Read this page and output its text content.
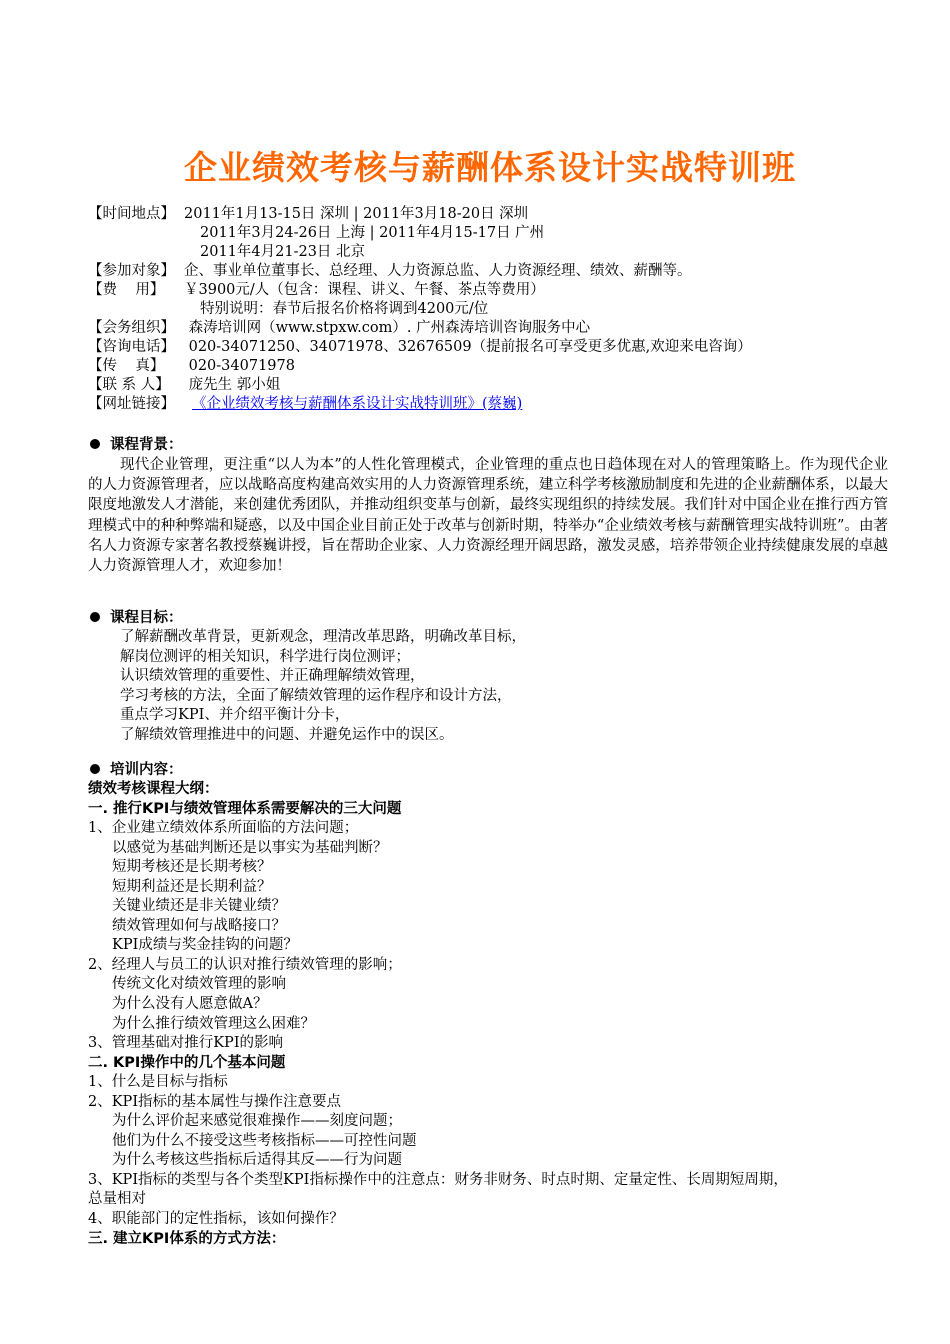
企业绩效考核与薪酬体系设计实战特训班
【时间地点】 2011年1月13-15日 深圳 | 2011年3月18-20日 深圳
2011年3月24-26日 上海 | 2011年4月15-17日 广州
2011年4月21-23日 北京
【参加对象】 企、事业单位董事长、总经理、人力资源总监、人力资源经理、绩效、薪酬等。
【费    用】	￥3900元/人（包含：课程、讲义、午餐、茶点等费用）
特别说明：春节后报名价格将调到4200元/位
【会务组织】 森涛培训网（www.stpxw.com）. 广州森涛培训咨询服务中心
【咨询电话】 020-34071250、34071978、32676509（提前报名可享受更多优惠,欢迎来电咨询）
【传    真】	020-34071978
【联 系 人】 庞先生 郭小姐
【网址链接】	《企业绩效考核与薪酬体系设计实战特训班》(蔡巍)
课程背景：
现代企业管理，更注重“以人为本”的人性化管理模式，企业管理的重点也日趋体现在对人的管理策略上。作为现代企业的人力资源管理者，应以战略高度构建高效实用的人力资源管理系统，建立科学考核激励制度和先进的企业薪酬体系，以最大限度地激发人才潜能，来创建优秀团队，并推动组织变革与创新，最终实现组织的持续发展。我们针对中国企业在推行西方管理模式中的种种弊端和疑惑，以及中国企业目前正处于改革与创新时期，特举办“企业绩效考核与薪酬管理实战特训班”。由著名人力资源专家著名教授蔡巍讲授，旨在帮助企业家、人力资源经理开阔思路，激发灵感，培养带领企业持续健康发展的卓越人力资源管理人才，欢迎参加！
课程目标：
了解薪酬改革背景，更新观念，理清改革思路，明确改革目标，
解岗位测评的相关知识，科学进行岗位测评；
认识绩效管理的重要性、并正确理解绩效管理，
学习考核的方法，全面了解绩效管理的运作程序和设计方法，
重点学习KPI、并介绍平衡计分卡，
了解绩效管理推进中的问题、并避免运作中的误区。
培训内容：
绩效考核课程大纲：
一. 推行KPI与绩效管理体系需要解决的三大问题
1、企业建立绩效体系所面临的方法问题；
以感觉为基础判断还是以事实为基础判断？
短期考核还是长期考核？
短期利益还是长期利益？
关键业绩还是非关键业绩？
绩效管理如何与战略接口？
KPI成绩与奖金挂钩的问题？
2、经理人与员工的认识对推行绩效管理的影响；
传统文化对绩效管理的影响
为什么没有人愿意做A？
为什么推行绩效管理这么困难？
3、管理基础对推行KPI的影响
二. KPI操作中的几个基本问题
1、什么是目标与指标
2、KPI指标的基本属性与操作注意要点
为什么评价起来感觉很难操作——刻度问题；
他们为什么不接受这些考核指标——可控性问题
为什么考核这些指标后适得其反——行为问题
3、KPI指标的类型与各个类型KPI指标操作中的注意点：财务非财务、时点时期、定量定性、长周期短周期，
总量相对
4、职能部门的定性指标，该如何操作？
三. 建立KPI体系的方式方法：
